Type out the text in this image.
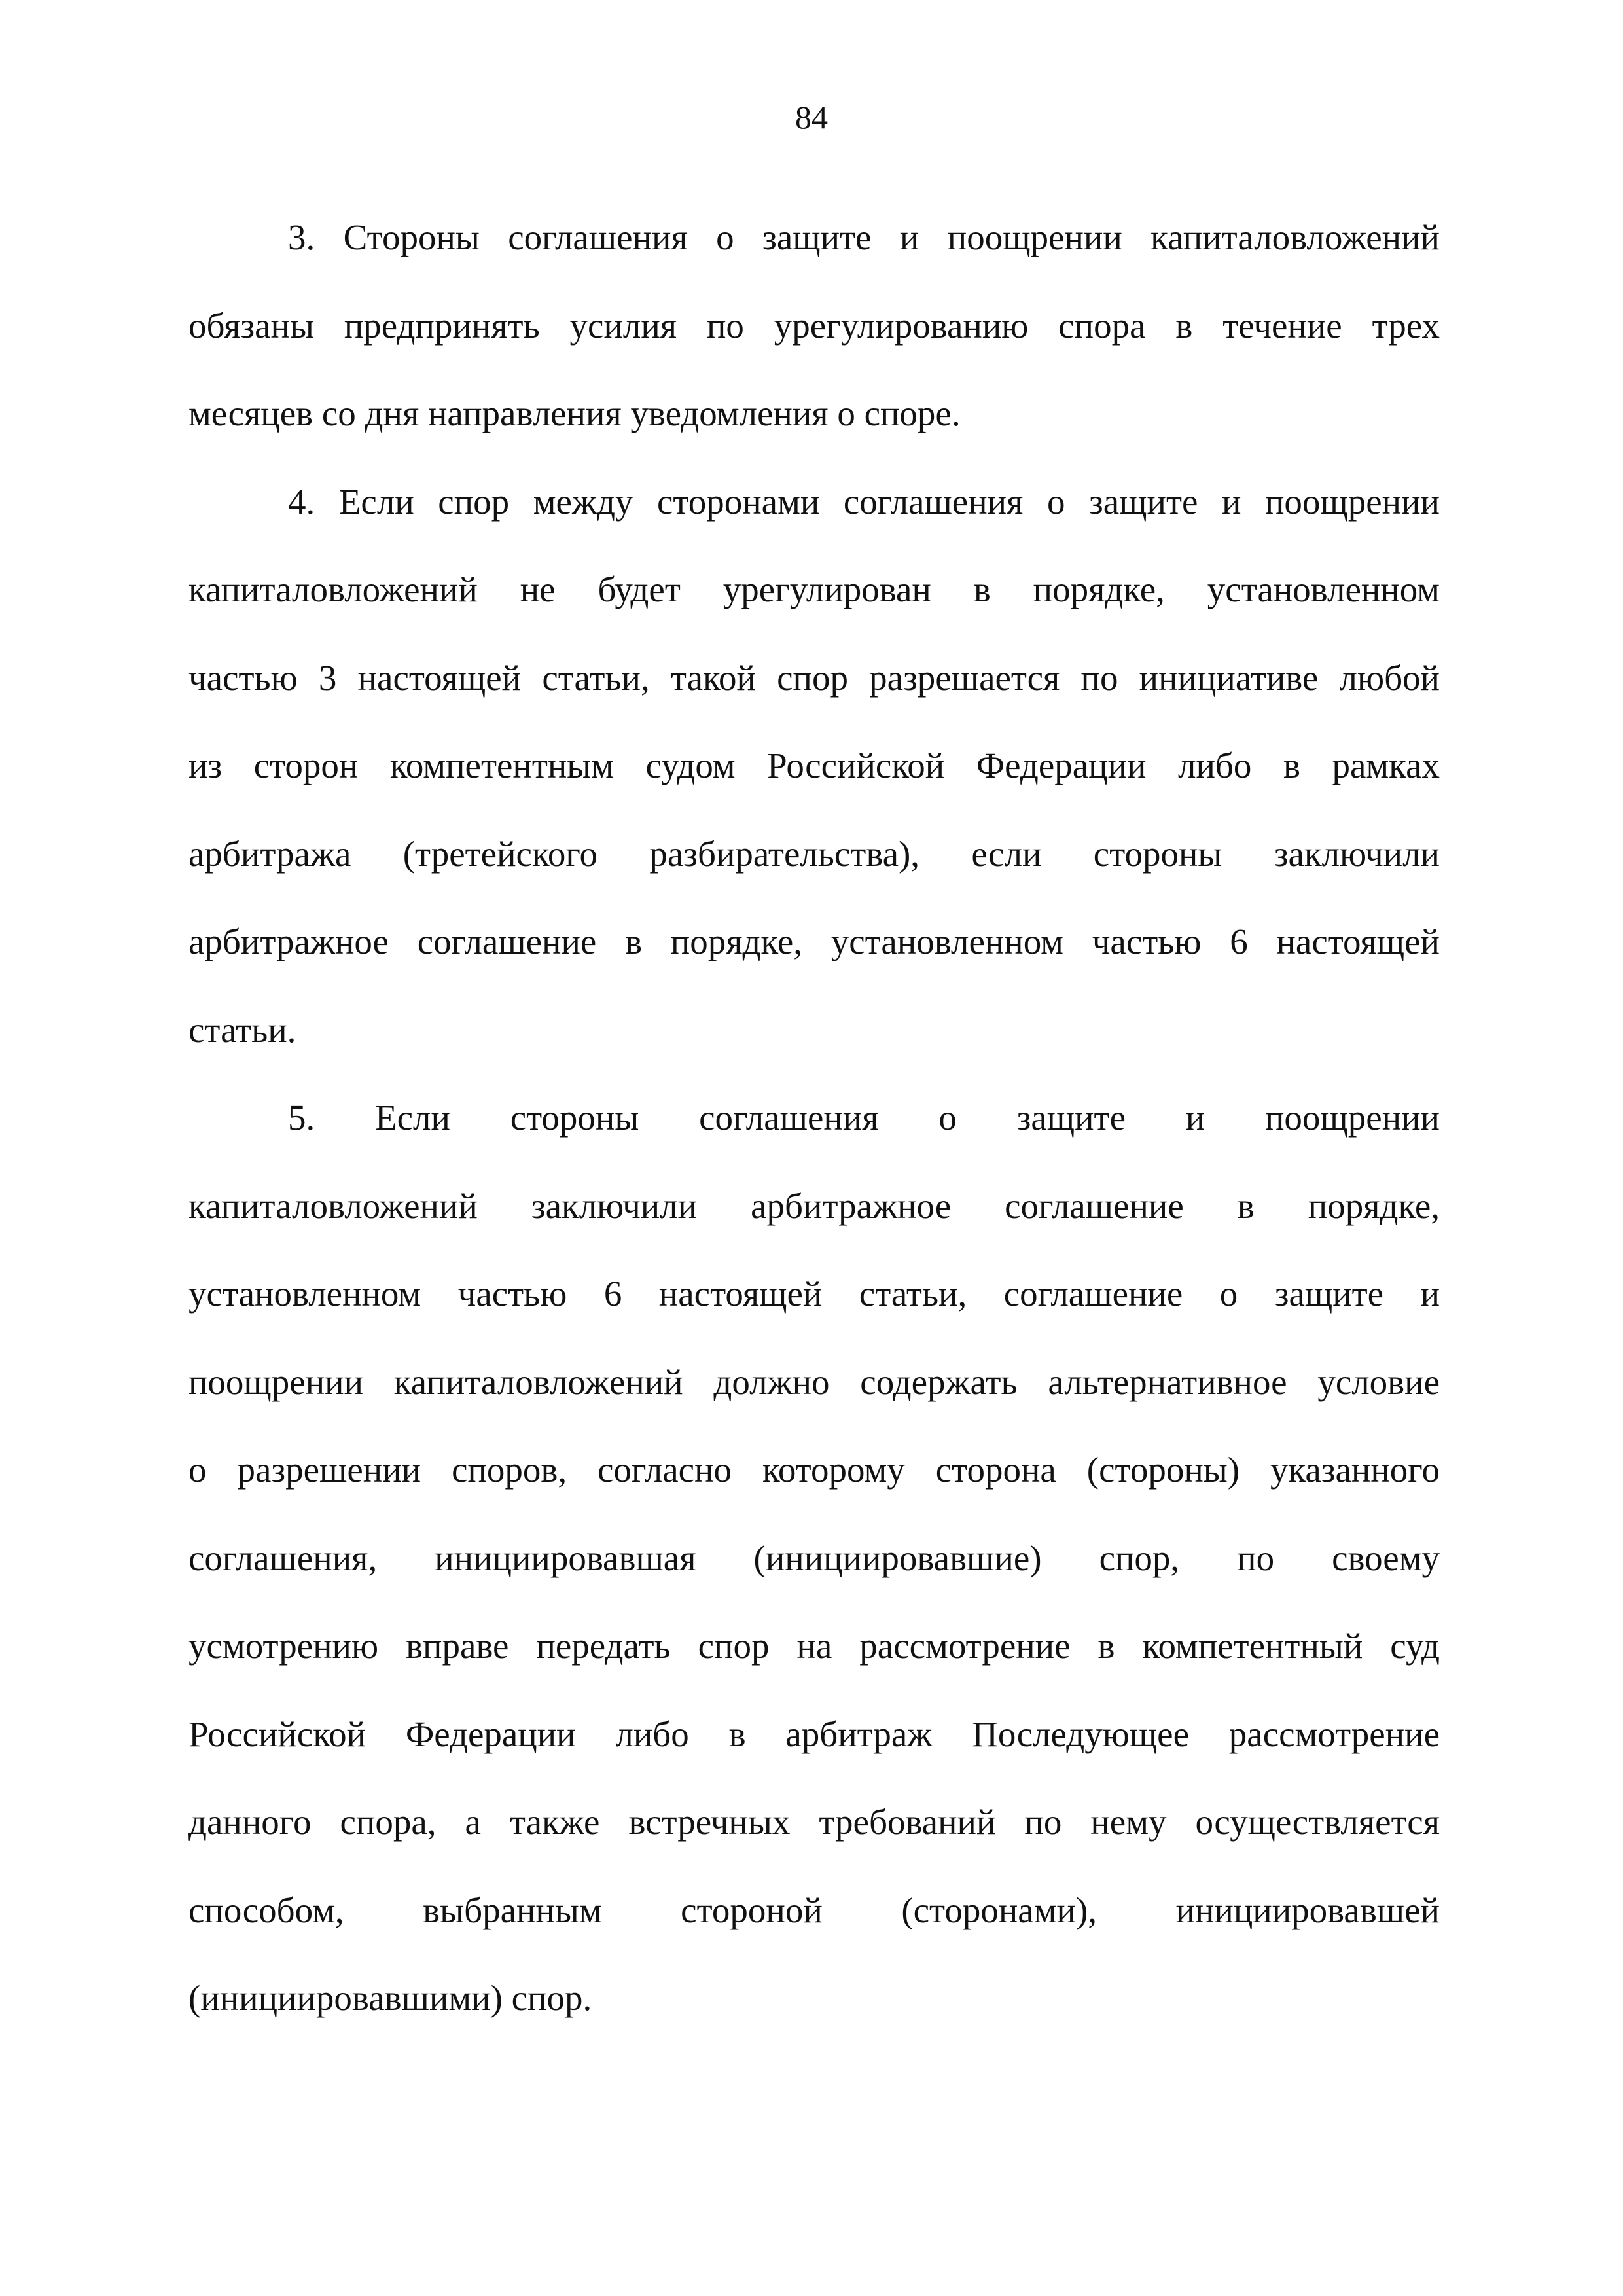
84
3. Стороны соглашения о защите и поощрении капиталовложений
обязаны предпринять усилия по урегулированию спора в течение трех
месяцев со дня направления уведомления о споре.
4. Если спор между сторонами соглашения о защите и поощрении
капиталовложений не будет урегулирован в порядке, установленном
частью 3 настоящей статьи, такой спор разрешается по инициативе любой
из сторон компетентным судом Российской Федерации либо в рамках
арбитража (третейского разбирательства), если стороны заключили
арбитражное соглашение в порядке, установленном частью 6 настоящей
статьи.
5. Если стороны соглашения о защите и поощрении
капиталовложений заключили арбитражное соглашение в порядке,
установленном частью 6 настоящей статьи, соглашение о защите и
поощрении капиталовложений должно содержать альтернативное условие
о разрешении споров, согласно которому сторона (стороны) указанного
соглашения, инициировавшая (инициировавшие) спор, по своему
усмотрению вправе передать спор на рассмотрение в компетентный суд
Российской Федерации либо в арбитраж Последующее рассмотрение
данного спора, а также встречных требований по нему осуществляется
способом, выбранным стороной (сторонами), инициировавшей
(инициировавшими) спор.
